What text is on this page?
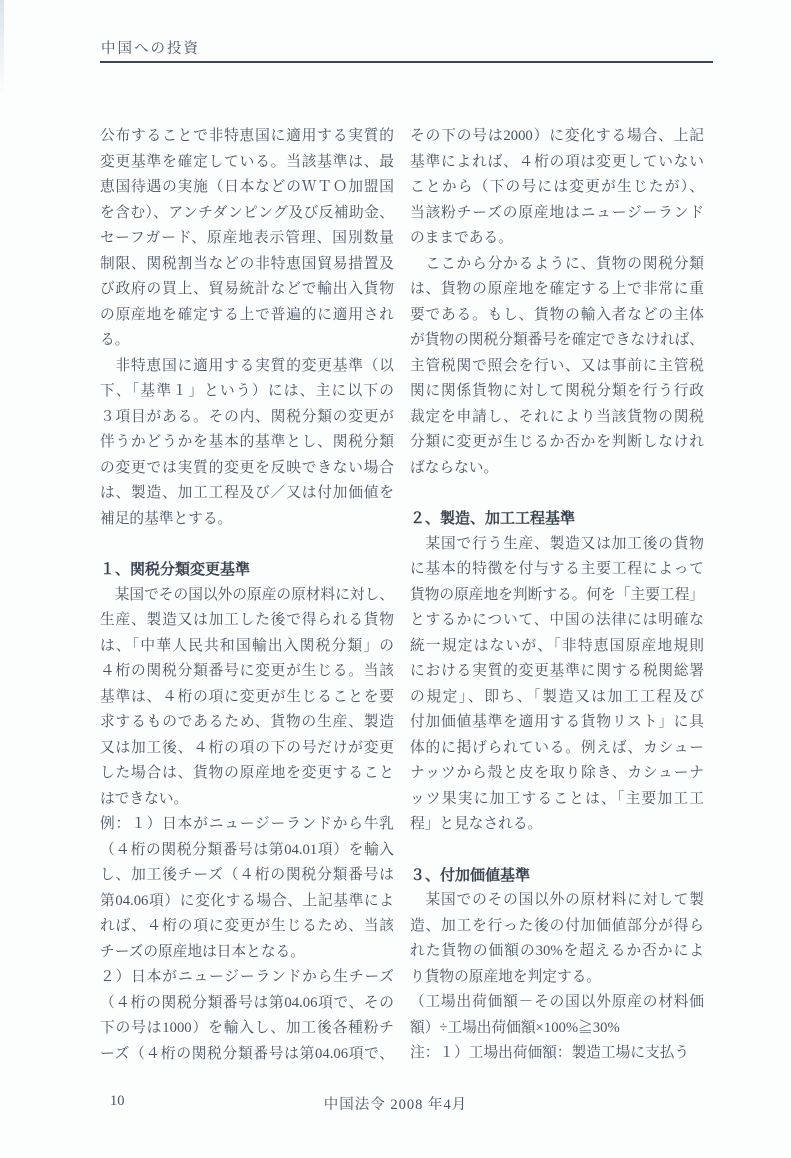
中国への投資
公布することで非特恵国に適用する実質的
変更基準を確定している。当該基準は、最
恵国待遇の実施（日本などのＷＴＯ加盟国
を含む）、アンチダンピング及び反補助金、
セーフガード、原産地表示管理、国別数量
制限、関税割当などの非特恵国貿易措置及
び政府の買上、貿易統計などで輸出入貨物
の原産地を確定する上で普遍的に適用され
る。
　非特恵国に適用する実質的変更基準（以
下、「基準１」という）には、主に以下の
３項目がある。その内、関税分類の変更が
伴うかどうかを基本的基準とし、関税分類
の変更では実質的変更を反映できない場合
は、製造、加工工程及び／又は付加価値を
補足的基準とする。
１、関税分類変更基準
　某国でその国以外の原産の原材料に対し、
生産、製造又は加工した後で得られる貨物
は、「中華人民共和国輸出入関税分類」の
４桁の関税分類番号に変更が生じる。当該
基準は、４桁の項に変更が生じることを要
求するものであるため、貨物の生産、製造
又は加工後、４桁の項の下の号だけが変更
した場合は、貨物の原産地を変更すること
はできない。
例：１）日本がニュージーランドから牛乳
（４桁の関税分類番号は第04.01項）を輸入
し、加工後チーズ（４桁の関税分類番号は
第04.06項）に変化する場合、上記基準によ
れば、４桁の項に変更が生じるため、当該
チーズの原産地は日本となる。
２）日本がニュージーランドから生チーズ
（４桁の関税分類番号は第04.06項で、その
下の号は1000）を輸入し、加工後各種粉チ
ーズ（４桁の関税分類番号は第04.06項で、
その下の号は2000）に変化する場合、上記
基準によれば、４桁の項は変更していない
ことから（下の号には変更が生じたが）、
当該粉チーズの原産地はニュージーランド
のままである。
　ここから分かるように、貨物の関税分類
は、貨物の原産地を確定する上で非常に重
要である。もし、貨物の輸入者などの主体
が貨物の関税分類番号を確定できなければ、
主管税関で照会を行い、又は事前に主管税
関に関係貨物に対して関税分類を行う行政
裁定を申請し、それにより当該貨物の関税
分類に変更が生じるか否かを判断しなけれ
ばならない。
２、製造、加工工程基準
　某国で行う生産、製造又は加工後の貨物
に基本的特徴を付与する主要工程によって
貨物の原産地を判断する。何を「主要工程」
とするかについて、中国の法律には明確な
統一規定はないが、「非特恵国原産地規則
における実質的変更基準に関する税関総署
の規定」、即ち、「製造又は加工工程及び
付加価値基準を適用する貨物リスト」に具
体的に掲げられている。例えば、カシュー
ナッツから殻と皮を取り除き、カシューナ
ッツ果実に加工することは、「主要加工工
程」と見なされる。
３、付加価値基準
　某国でのその国以外の原材料に対して製
造、加工を行った後の付加価値部分が得ら
れた貨物の価額の30%を超えるか否かによ
り貨物の原産地を判定する。
（工場出荷価額－その国以外原産の材料価
額）÷工場出荷価額×100%≧30%
注：１）工場出荷価額：製造工場に支払う
10	中国法令 2008 年4月
